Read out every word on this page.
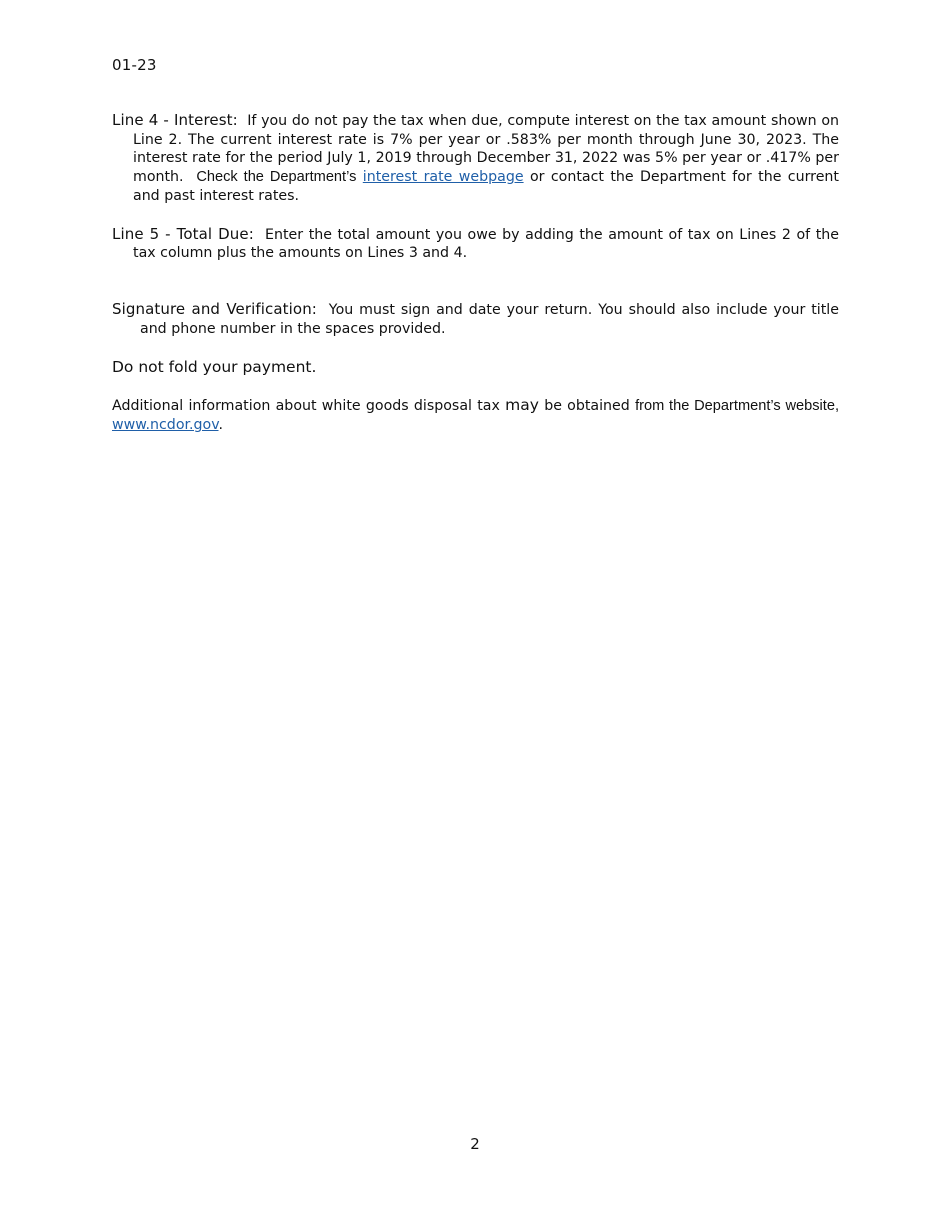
01-23

Line 4 - Interest: If you do not pay the tax when due, compute interest on the tax amount shown on Line 2. The current interest rate is 7% per year or .583% per month through June 30, 2023. The interest rate for the period July 1, 2019 through December 31, 2022 was 5% per year or .417% per month. Check the Department’s interest rate webpage or contact the Department for the current and past interest rates.

Line 5 - Total Due: Enter the total amount you owe by adding the amount of tax on Lines 2 of the tax column plus the amounts on Lines 3 and 4.

Signature and Verification: You must sign and date your return. You should also include your title and phone number in the spaces provided.

Do not fold your payment.

Additional information about white goods disposal tax may be obtained from the Department’s website, www.ncdor.gov.

2
